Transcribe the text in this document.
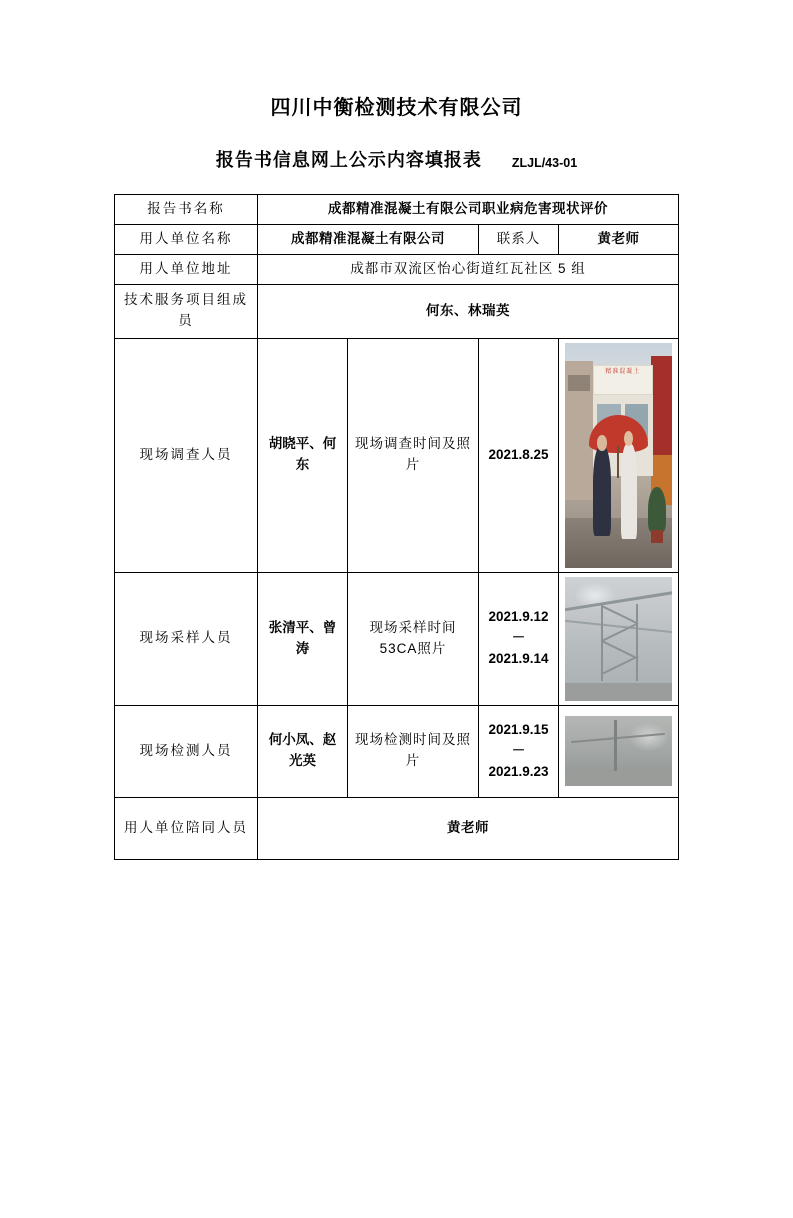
四川中衡检测技术有限公司
报告书信息网上公示内容填报表 ZLJL/43-01
报告书名称	成都精准混凝土有限公司职业病危害现状评价			
用人单位名称	成都精准混凝土有限公司		联系人	黄老师
用人单位地址	成都市双流区怡心街道红瓦社区 5 组			
技术服务项目组成员	何东、林瑞英			
现场调查人员	胡晓平、何东	现场调查时间及照片	2021.8.25	精准混凝土

现场采样人员	张清平、曾涛	现场采样时间53CA照片	2021.9.12－2021.9.14	

现场检测人员	何小凤、赵光英	现场检测时间及照片	2021.9.15－2021.9.23	

用人单位陪同人员	黄老师			
